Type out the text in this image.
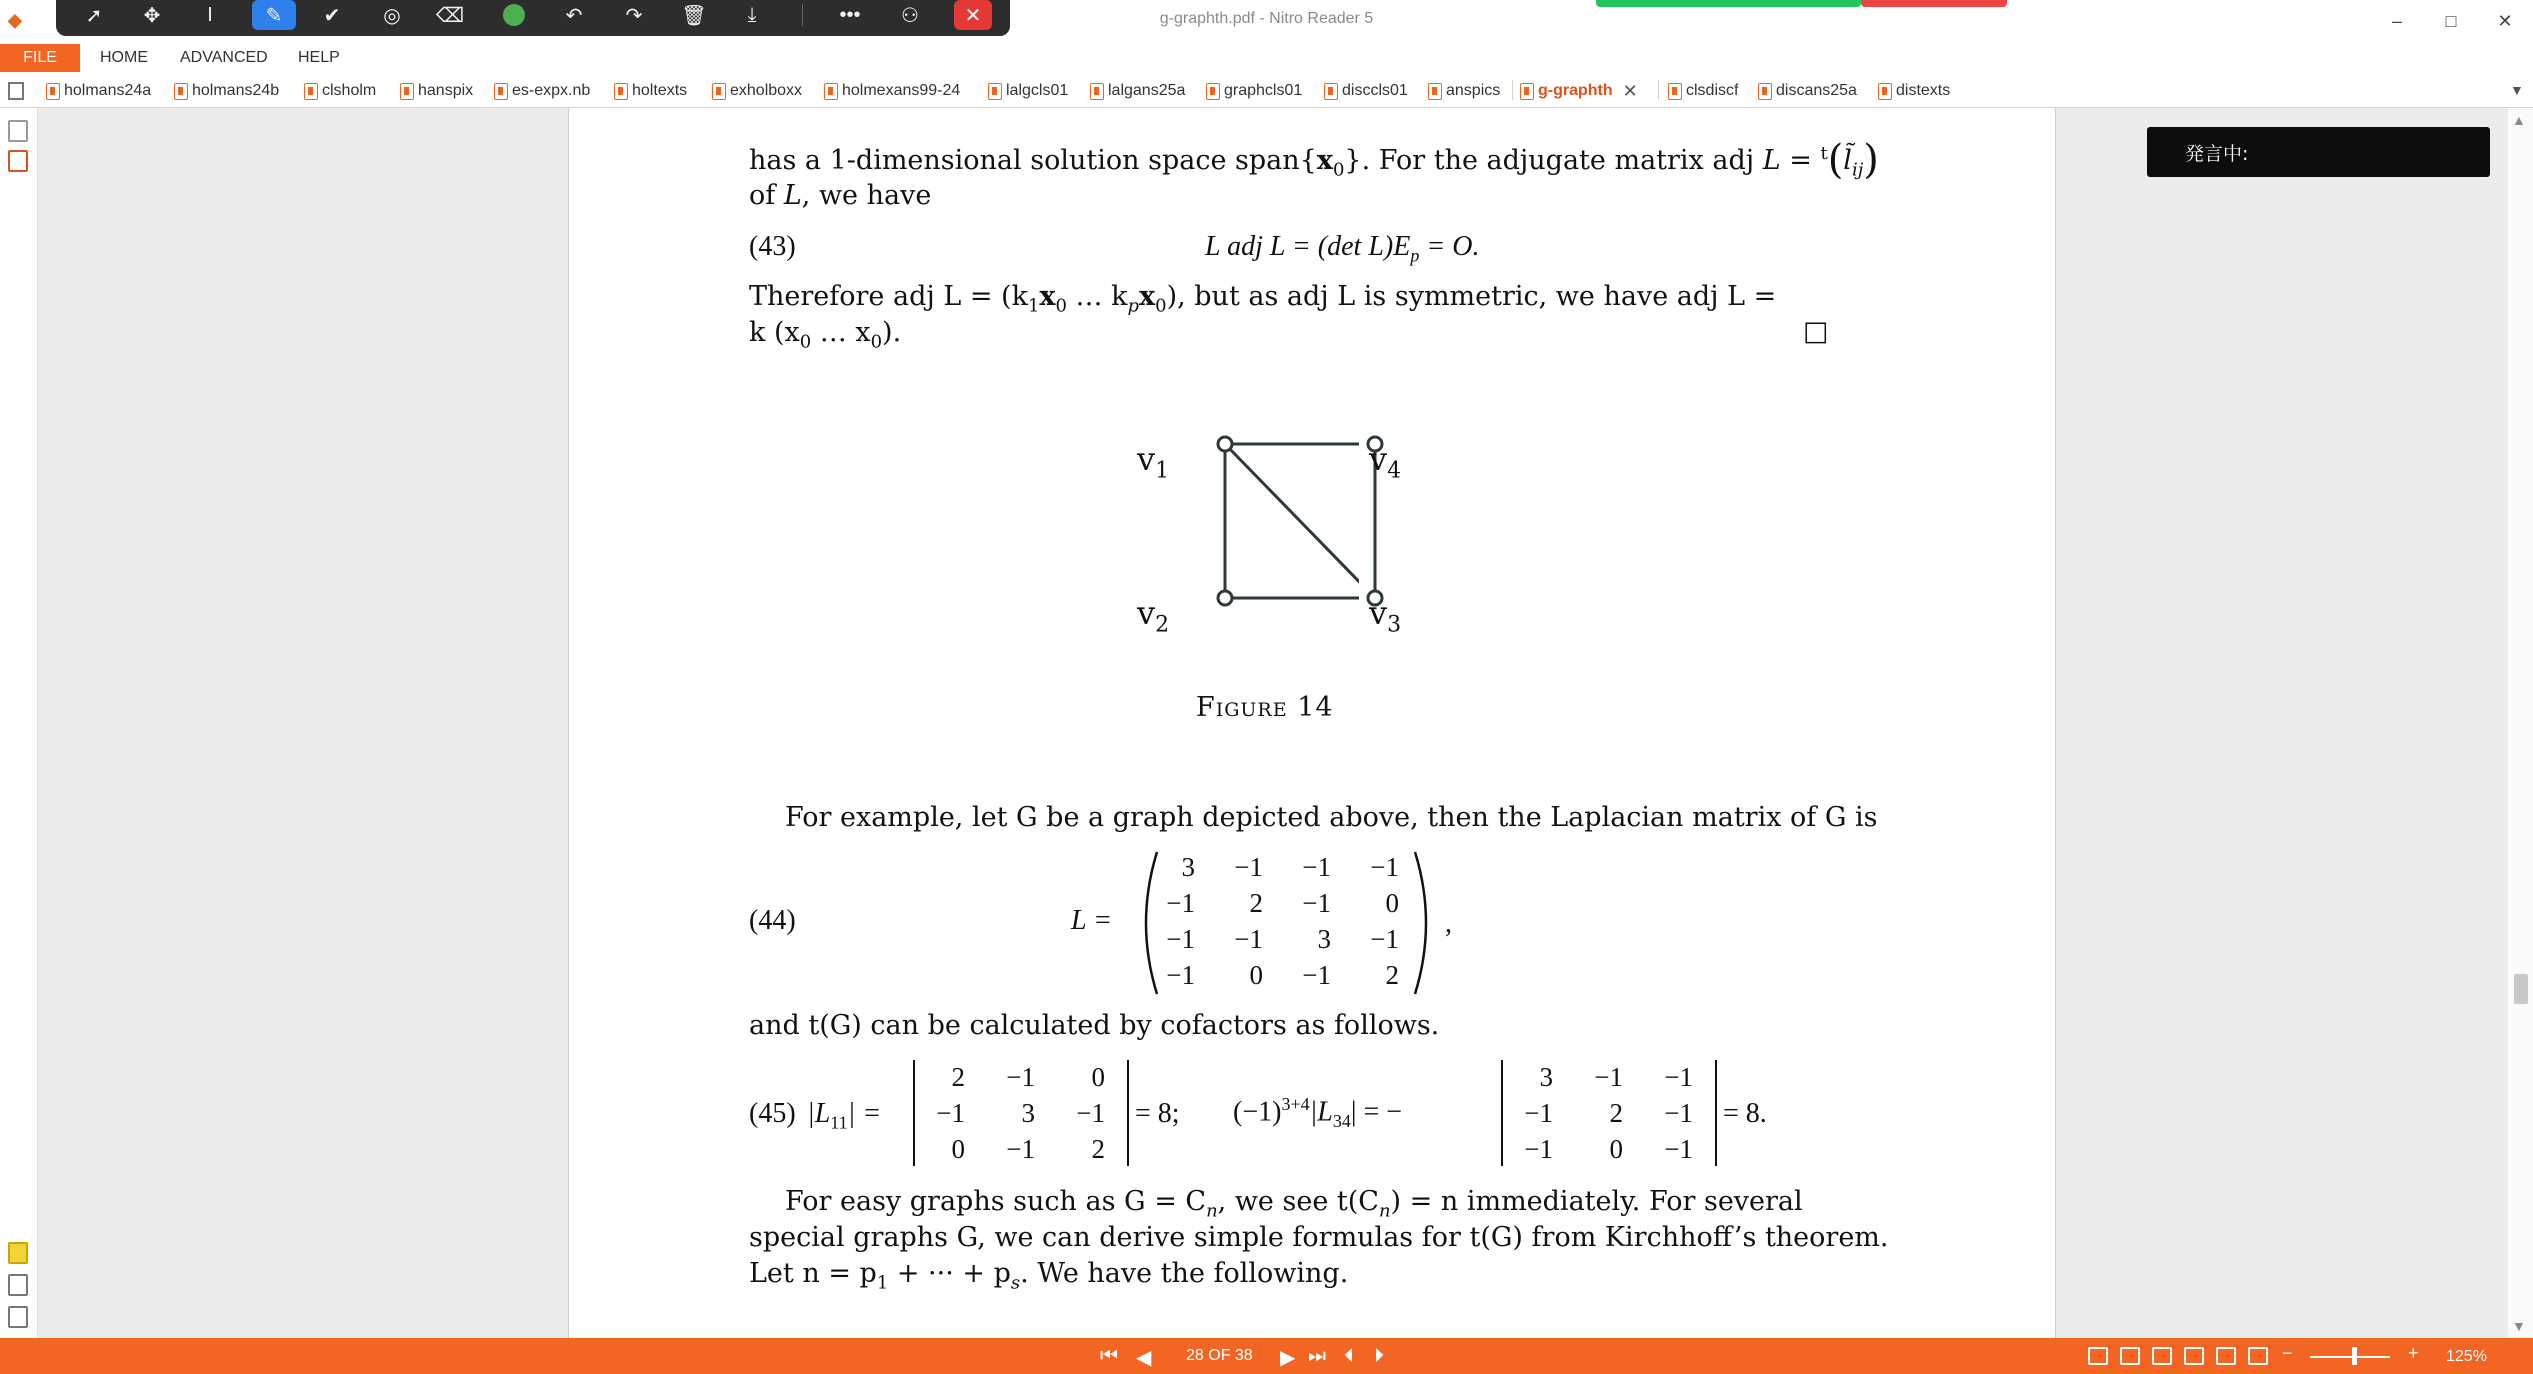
◆	g-graphth.pdf - Nitro Reader 5	–	□	✕
➚	✥	I	✎	✔	◎	⌫	↶	↷	🗑	⤓	•••	⚇	✕
FILE	HOME ADVANCED HELP
holmans24a	holmans24b	clsholm	hanspix es-expx.nb	holtexts	exholboxx holmexans99-24	lalgcls01 lalgans25a graphcls01 disccls01 anspics g-graphth ✕	clsdiscf discans25a distexts	▼
has a 1-dimensional solution space $span\{x_0\}$. For the adjugate matrix adj $L = ^t(l̃_{ij})$
of L, we have
(43)	L adj L = (det $L)E_p = O$.
Therefore adj $L = (k_1x_0$ … $k_px_0$), but as adj L is symmetric, we have adj L =
k ($x_0$ … $x_0$).	□
$v_1$
$v_2$	$v_3$
$v_4$
Figure 14
For example, let G be a graph depicted above, then the Laplacian matrix of G is
(44)	L =	,
and t(G) can be calculated by cofactors as follows.
(45) $|L_{11}|$ =	= 8; $(-1)^{3+4}|L_{34}|$ = −	= 8.
For easy graphs such as $G = C_n$, we see $t(C_n) = n$ immediately. For several
special graphs G, we can derive simple formulas for t(G) from Kirchhoff’s theorem.
Let $n = p_1$ + ··· + $p_s$. We have the following.
3	−1	−1	−1
−1	2	−1	0
−1	−1	3	−1
−1	0	−1	2
2	−1	0
−1	3	−1
0	−1	2
3	−1	−1
−1	2	−1
−1	0	−1
発言中:
▲
▼
⏮ ◀ 28 OF 38 ▶ ⏭ ⏴ ⏵	−	+ 125%
